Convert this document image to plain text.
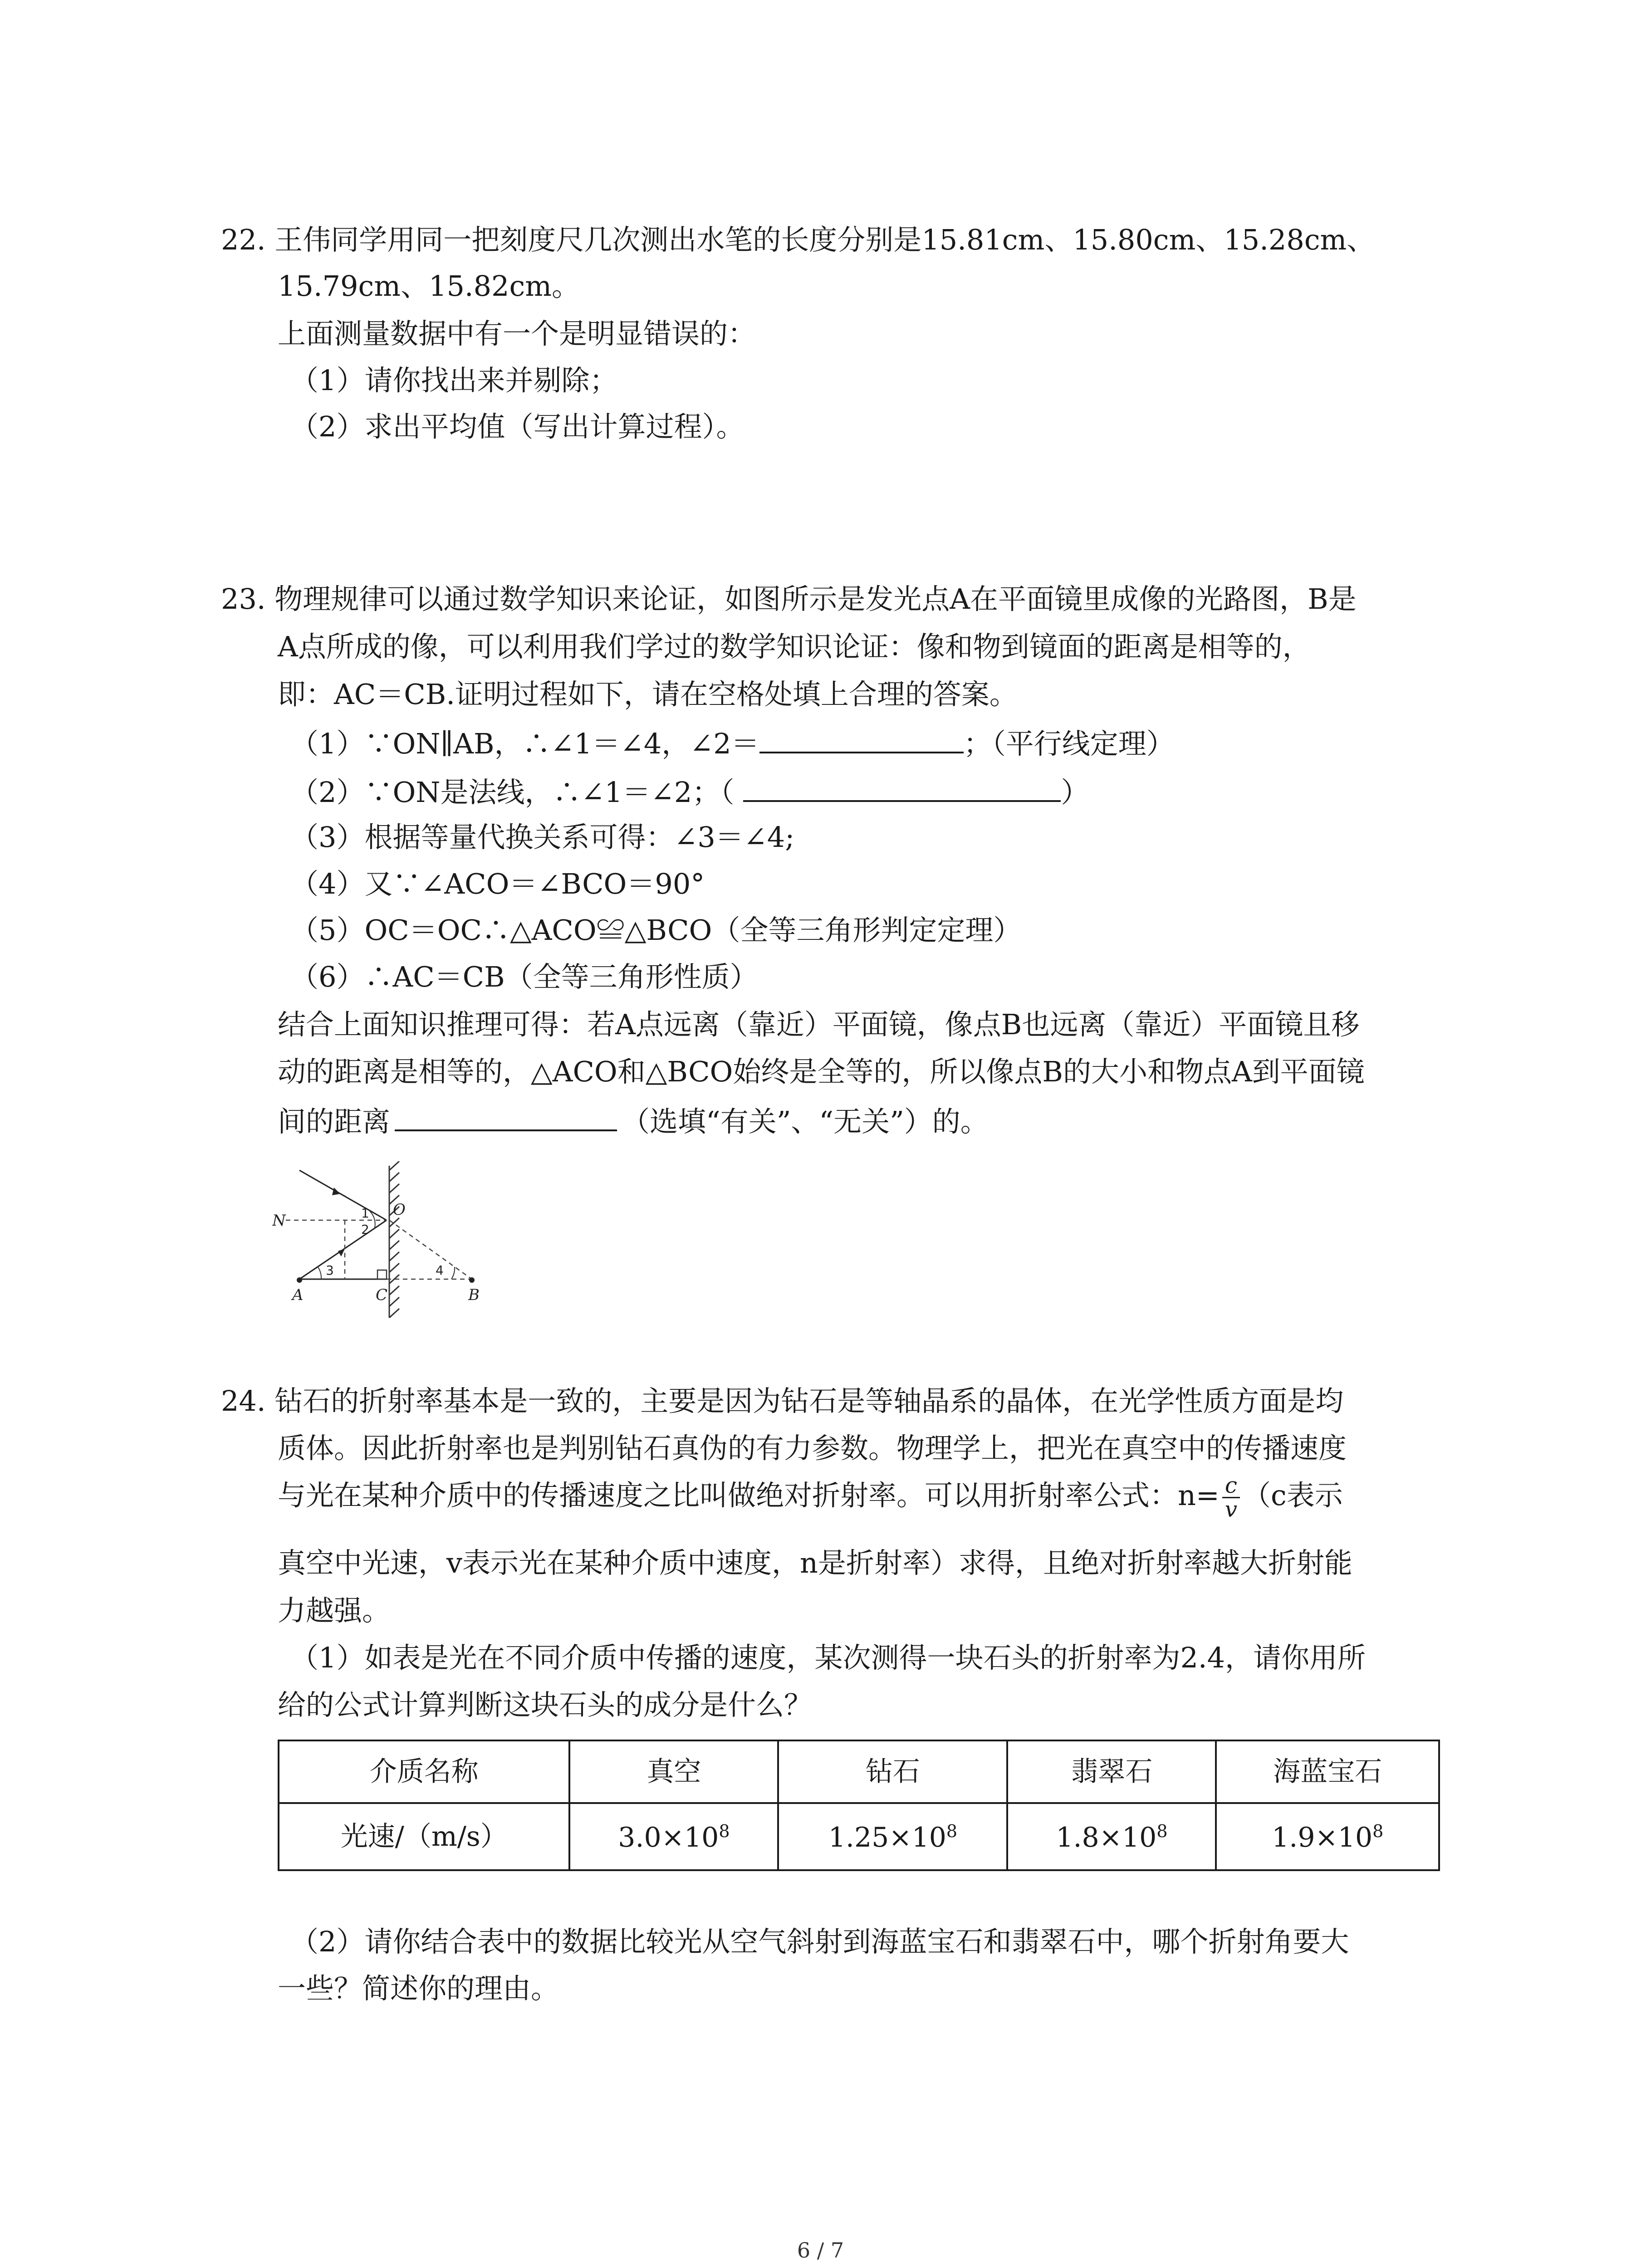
22. 王伟同学用同一把刻度尺几次测出水笔的长度分别是15.81cm、15.80cm、15.28cm、
15.79cm、15.82cm。
上面测量数据中有一个是明显错误的：
（1）请你找出来并剔除；
（2）求出平均值（写出计算过程）。
23. 物理规律可以通过数学知识来论证，如图所示是发光点A在平面镜里成像的光路图，B是
A点所成的像，可以利用我们学过的数学知识论证：像和物到镜面的距离是相等的，
即：AC＝CB.证明过程如下，请在空格处填上合理的答案。
（1）∵ON∥AB，∴∠1＝∠4，∠2＝	；（平行线定理）
（2）∵ON是法线，∴∠1＝∠2；（	）
（3）根据等量代换关系可得：∠3＝∠4;
（4）又∵∠ACO＝∠BCO＝90°
（5）OC＝OC∴△ACO≌△BCO（全等三角形判定定理）
（6）∴AC＝CB（全等三角形性质）
结合上面知识推理可得：若A点远离（靠近）平面镜，像点B也远离（靠近）平面镜且移
动的距离是相等的，△ACO和△BCO始终是全等的，所以像点B的大小和物点A到平面镜
间的距离	（选填“有关”、“无关”）的。
N
O
A	C	B
1
2
3	4
24. 钻石的折射率基本是一致的，主要是因为钻石是等轴晶系的晶体，在光学性质方面是均
质体。因此折射率也是判别钻石真伪的有力参数。物理学上，把光在真空中的传播速度
与光在某种介质中的传播速度之比叫做绝对折射率。可以用折射率公式：$n= \frac{c}{v} (c$表示
真空中光速，v表示光在某种介质中速度，n是折射率）求得，且绝对折射率越大折射能
力越强。
（1）如表是光在不同介质中传播的速度，某次测得一块石头的折射率为2.4，请你用所
给的公式计算判断这块石头的成分是什么？
介质名称	真空	钻石	翡翠石	海蓝宝石
光速/（m/s）	$3.0\times 10^8$	$1.25\times 10^8$	$1.8\times 10^8$	$1.9\times 10^8$
（2）请你结合表中的数据比较光从空气斜射到海蓝宝石和翡翠石中，哪个折射角要大
一些？简述你的理由。
6 / 7
